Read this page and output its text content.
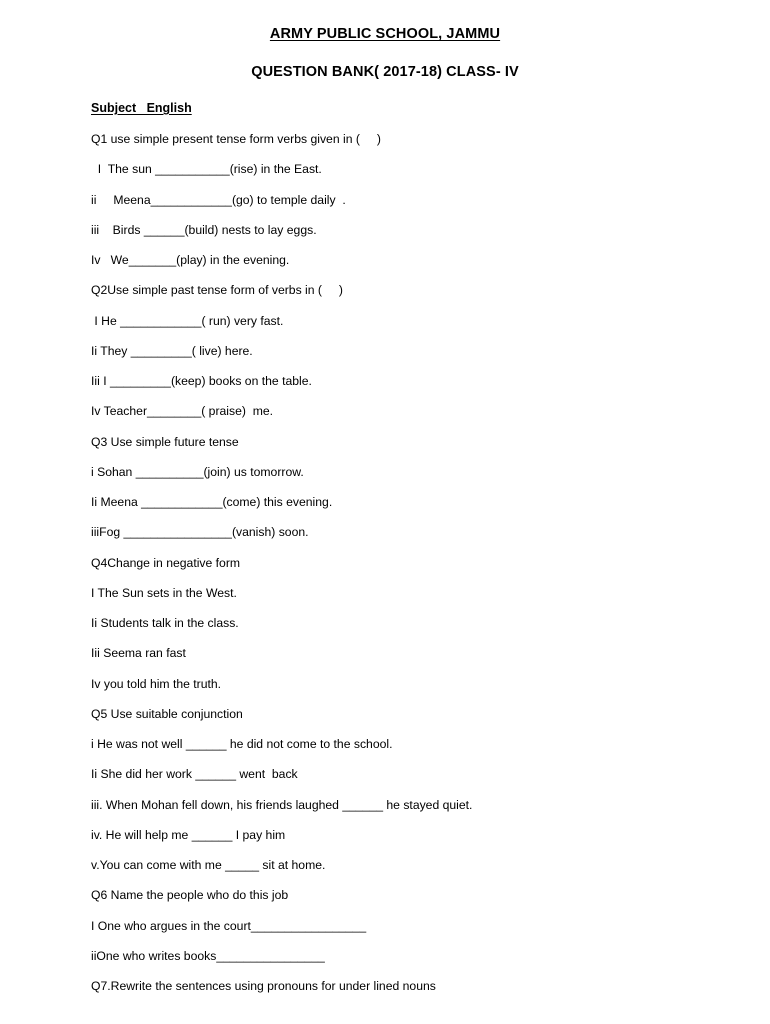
ARMY PUBLIC SCHOOL, JAMMU
QUESTION BANK( 2017-18) CLASS- IV
Subject   English
Q1 use simple present tense form verbs given in (     )
I  The sun ___________(rise) in the East.
ii     Meena____________(go) to temple daily  .
iii    Birds ______(build) nests to lay eggs.
Iv   We_______(play) in the evening.
Q2Use simple past tense form of verbs in (     )
I He ____________( run) very fast.
Ii They _________( live) here.
Iii I _________(keep) books on the table.
Iv Teacher________( praise)  me.
Q3 Use simple future tense
i Sohan __________(join) us tomorrow.
Ii Meena ____________(come) this evening.
iiiFog ________________(vanish) soon.
Q4Change in negative form
I The Sun sets in the West.
Ii Students talk in the class.
Iii Seema ran fast
Iv you told him the truth.
Q5 Use suitable conjunction
i He was not well ______ he did not come to the school.
Ii She did her work ______ went  back
iii. When Mohan fell down, his friends laughed ______ he stayed quiet.
iv. He will help me ______ I pay him
v.You can come with me _____ sit at home.
Q6 Name the people who do this job
I One who argues in the court_________________
iiOne who writes books________________
Q7.Rewrite the sentences using pronouns for under lined nouns
